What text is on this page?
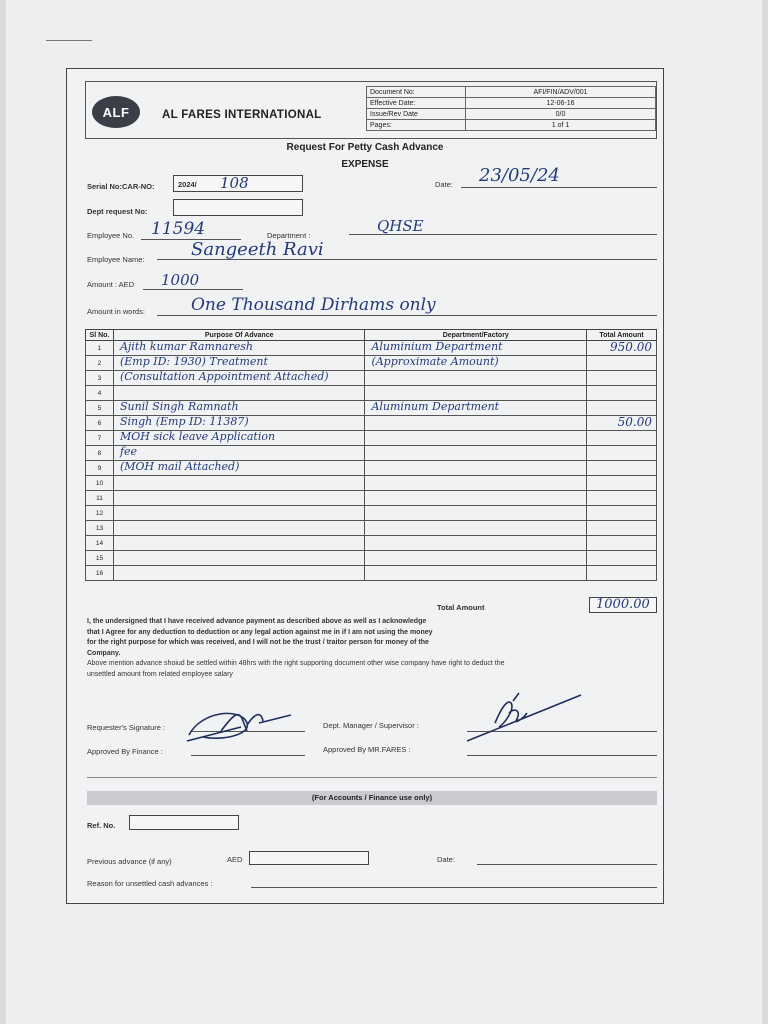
ALF	AL FARES INTERNATIONAL
Document No:	AFI/FIN/ADV/001
Effective Date:	12-06-16
Issue/Rev Date	0/0
Pages:	1 of 1
Request For Petty Cash Advance
EXPENSE
Serial No:CAR-NO:	2024/ 108	Date: 23/05/24
Dept request No:
Employee No. 11594	Department :
QHSE
Employee Name:	Sangeeth Ravi
Amount : AED 1000
Amount in words:	One Thousand Dirhams only
Sl No.	Purpose Of Advance	Department/Factory	Total Amount
1	Ajith kumar Ramnaresh	Aluminium Department	950.00

2	(Emp ID: 1930) Treatment	(Approximate Amount)	

3	(Consultation Appointment Attached)		

4	

5	Sunil Singh Ramnath	Aluminum Department	

6	Singh (Emp ID: 11387)		50.00

7	MOH sick leave Application		

8	fee		

9	(MOH mail Attached)		

10	

11	

12	

13	

14	

15	

16	

Total Amount	1000.00
I, the undersigned that I have received advance payment as described above as well as I acknowledge
that I Agree for any deduction to deduction or any legal action against me in if I am not using the money
for the right purpose for which was received, and I will not be the trust / traitor person for money of the
Company.
Above mention advance shoiud be settled within 48hrs with the right supporting document other wise company have right to deduct the
unsettled amount from related employee salary
Requester's Signature :	Dept. Manager / Supervisor :
Approved By Finance :	Approved By MR.FARES :
(For Accounts / Finance use only)
Ref. No.
Previous advance (if any)	AED	Date:
Reason for unsettled cash advances :
